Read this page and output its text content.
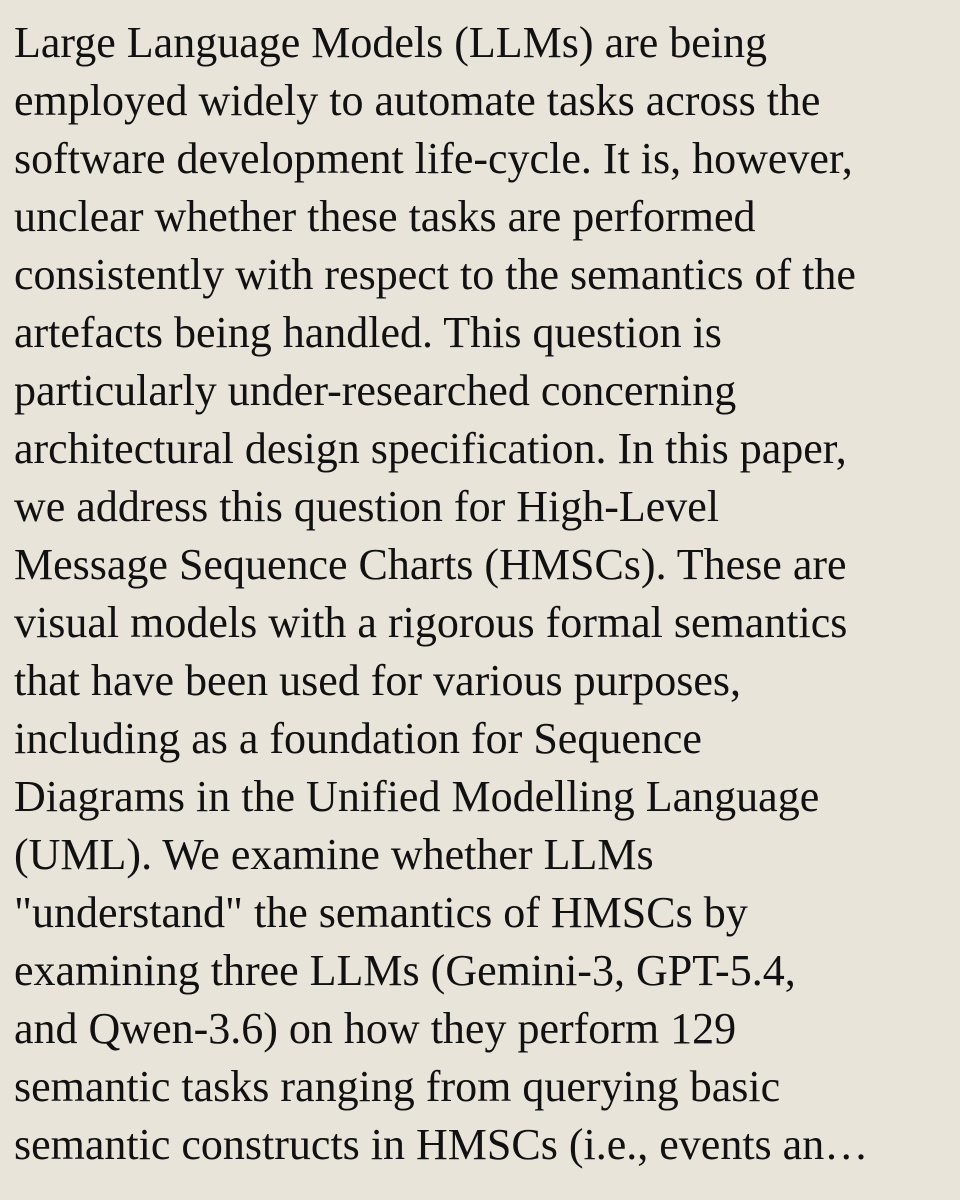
Large Language Models (LLMs) are being
employed widely to automate tasks across the
software development life-cycle. It is, however,
unclear whether these tasks are performed
consistently with respect to the semantics of the
artefacts being handled. This question is
particularly under-researched concerning
architectural design specification. In this paper,
we address this question for High-Level
Message Sequence Charts (HMSCs). These are
visual models with a rigorous formal semantics
that have been used for various purposes,
including as a foundation for Sequence
Diagrams in the Unified Modelling Language
(UML). We examine whether LLMs
"understand" the semantics of HMSCs by
examining three LLMs (Gemini-3, GPT-5.4,
and Qwen-3.6) on how they perform 129
semantic tasks ranging from querying basic
semantic constructs in HMSCs (i.e., events an…
